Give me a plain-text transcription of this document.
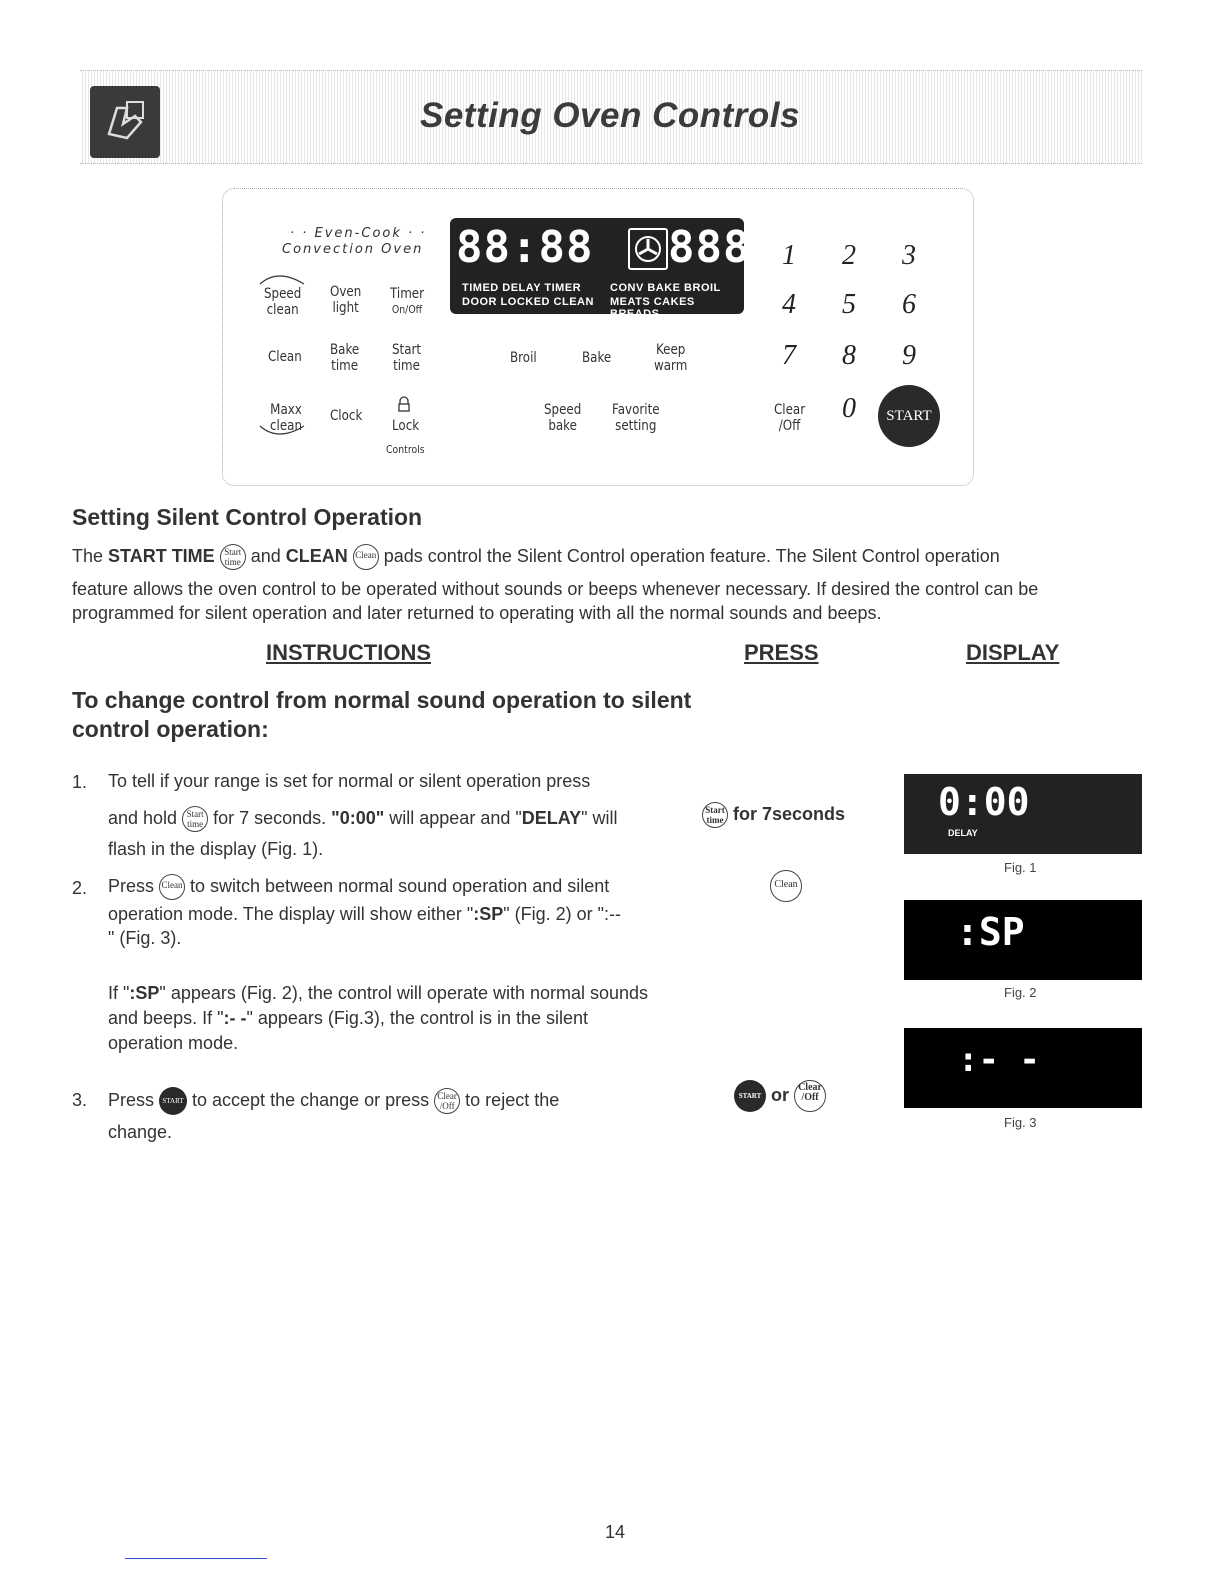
Setting Oven Controls
· · Even-Cook · ·
Convection Oven
Speed
clean
Oven
light
Timer
On/Off
Clean Bake
time
Start
time
Maxx
clean
Clock
Lock
Controls
88:88 888
TIMED DELAY TIMER	CONV BAKE BROIL
DOOR LOCKED CLEAN MEATS CAKES BREADS
Broil	Bake	Keep
warm
Speed
bake
Favorite
setting
1 2 3
4 5 6
7 8 9
Clear
/Off
0	START
Setting Silent Control Operation
The START TIME Start
time and CLEAN Clean pads control the Silent Control operation feature. The Silent Control operation
feature allows the oven control to be operated without sounds or beeps whenever necessary. If desired the control can be programmed for silent operation and later returned to operating with all the normal sounds and beeps.
INSTRUCTIONS	PRESS	DISPLAY
To change control from normal sound operation to silent control operation:
1. To tell if your range is set for normal or silent operation press
and hold Start
time for 7 seconds. "0:00" will appear and "DELAY" will
flash in the display (Fig. 1).
2. Press Clean to switch between normal sound operation and silent
operation mode. The display will show either ":SP" (Fig. 2) or ":--
" (Fig. 3).
If ":SP" appears (Fig. 2), the control will operate with normal sounds and beeps. If ":- -" appears (Fig.3), the control is in the silent operation mode.
3. Press START to accept the change or press Clear
/Off to reject the
change.
Start
time for 7seconds
Clean
START or Clear
/Off
0:00
DELAY
Fig. 1
:SP
Fig. 2
:- -
Fig. 3
14
